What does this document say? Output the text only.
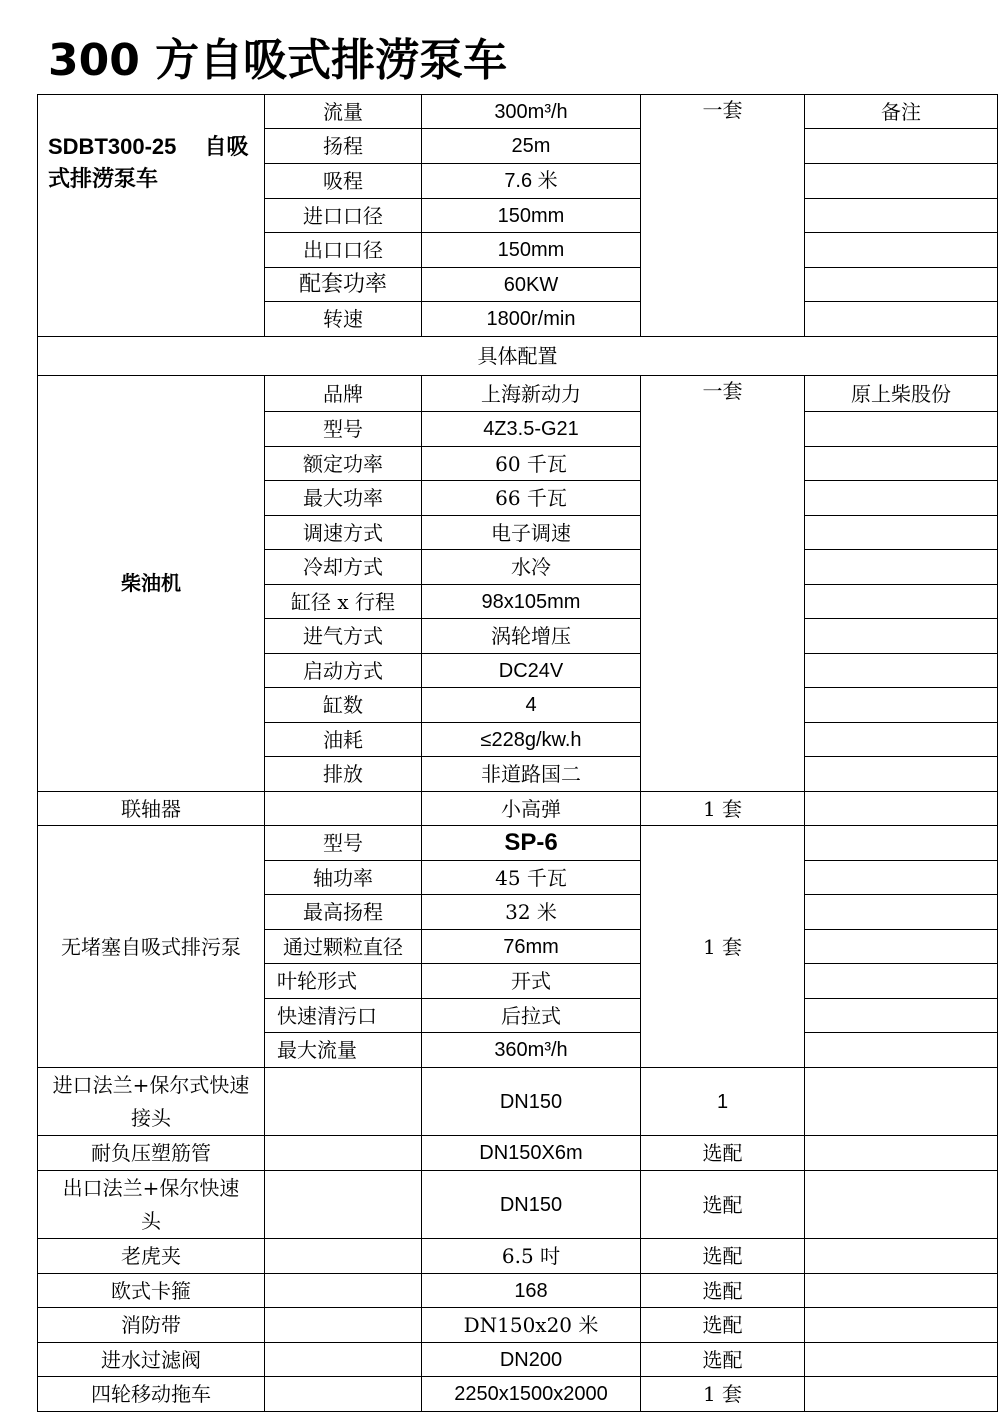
300 方自吸式排涝泵车
SDBT300-25　 自吸式排涝泵车	流量	300m³/h	一套	备注
	扬程	25m		
	吸程	7.6 米		
	进口口径	150mm		
	出口口径	150mm		
	配套功率	60KW		
	转速	1800r/min		
具体配置				
柴油机	品牌	上海新动力	一套	原上柴股份
	型号	4Z3.5-G21		
	额定功率	60 千瓦		
	最大功率	66 千瓦		
	调速方式	电子调速		
	冷却方式	水冷		
	缸径 x 行程	98x105mm		
	进气方式	涡轮增压		
	启动方式	DC24V		
	缸数	4		
	油耗	≤228g/kw.h		
	排放	非道路国二		
联轴器		小高弹	1 套	
无堵塞自吸式排污泵	型号	SP-6	1 套	
	轴功率	45 千瓦		
	最高扬程	32 米		
	通过颗粒直径	76mm		
	叶轮形式	开式		
	快速清污口	后拉式		
	最大流量	360m³/h		
进口法兰+保尔式快速接头		DN150	1	
耐负压塑筋管		DN150X6m	选配	
出口法兰+保尔快速头		DN150	选配	
老虎夹		6.5 吋	选配	
欧式卡箍		168	选配	
消防带		DN150x20 米	选配	
进水过滤阀		DN200	选配	
四轮移动拖车		2250x1500x2000	1 套	
